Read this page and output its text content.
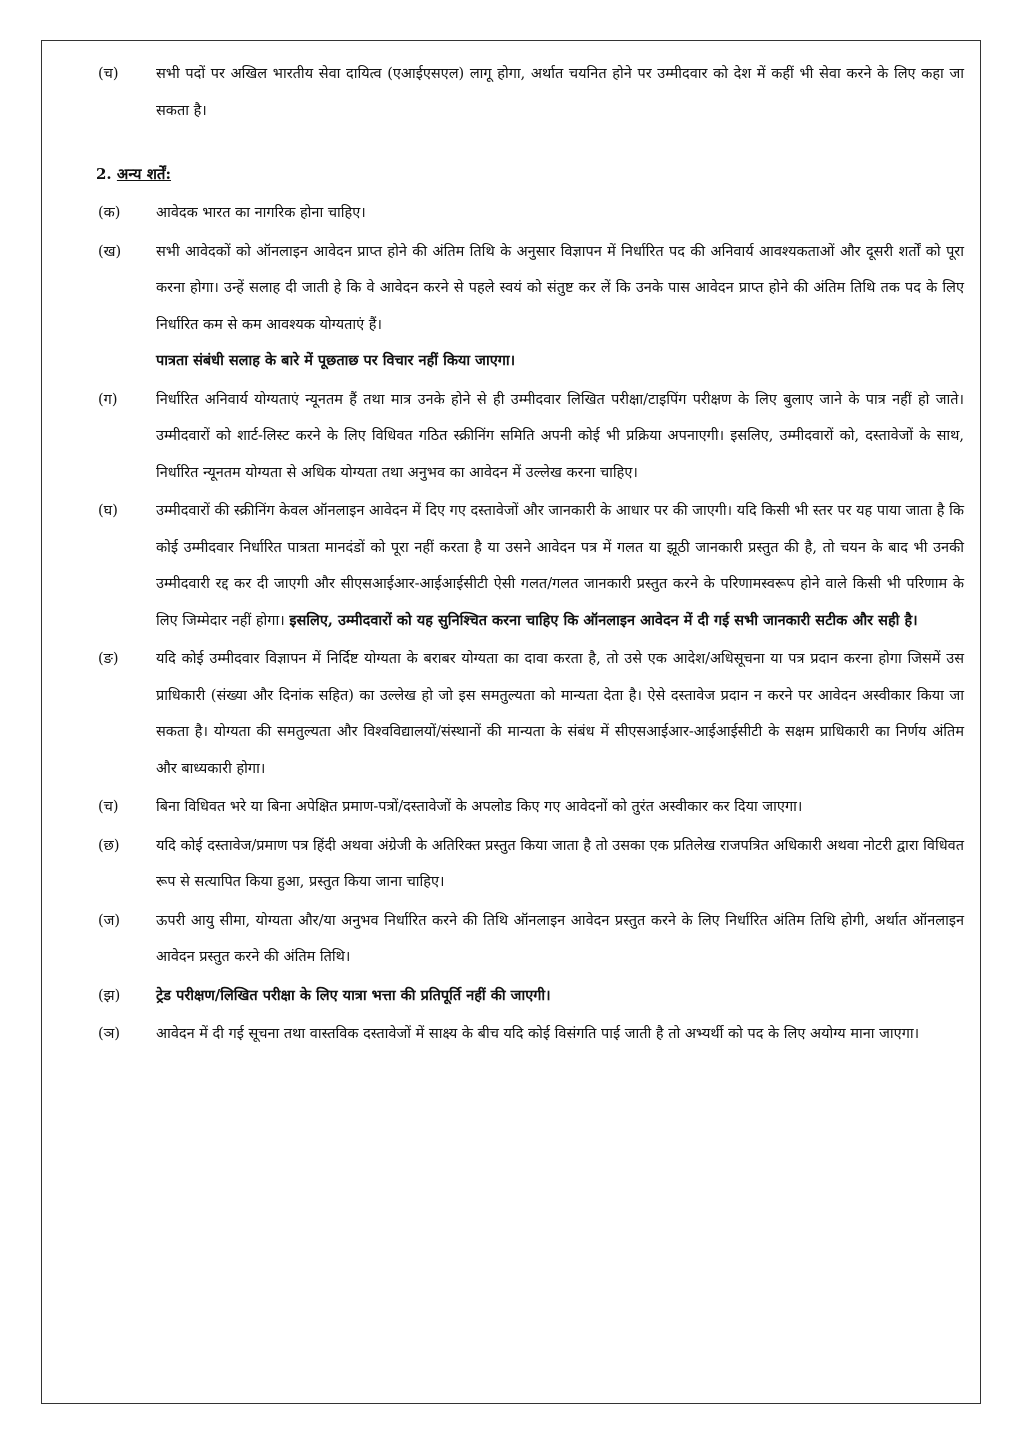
(च)	सभी पदों पर अखिल भारतीय सेवा दायित्व (एआईएसएल) लागू होगा, अर्थात चयनित होने पर उम्मीदवार को देश में कहीं भी सेवा करने के लिए कहा जा सकता है।
2. अन्य शर्तें:
(क)	आवेदक भारत का नागरिक होना चाहिए।
(ख)	सभी आवेदकों को ऑनलाइन आवेदन प्राप्त होने की अंतिम तिथि के अनुसार विज्ञापन में निर्धारित पद की अनिवार्य आवश्यकताओं और दूसरी शर्तों को पूरा करना होगा। उन्हें सलाह दी जाती हे कि वे आवेदन करने से पहले स्वयं को संतुष्ट कर लें कि उनके पास आवेदन प्राप्त होने की अंतिम तिथि तक पद के लिए निर्धारित कम से कम आवश्यक योग्यताएं हैं।
पात्रता संबंधी सलाह के बारे में पूछताछ पर विचार नहीं किया जाएगा।
(ग)	निर्धारित अनिवार्य योग्यताएं न्यूनतम हैं तथा मात्र उनके होने से ही उम्मीदवार लिखित परीक्षा/टाइपिंग परीक्षण के लिए बुलाए जाने के पात्र नहीं हो जाते। उम्मीदवारों को शार्ट-लिस्ट करने के लिए विधिवत गठित स्क्रीनिंग समिति अपनी कोई भी प्रक्रिया अपनाएगी। इसलिए, उम्मीदवारों को, दस्तावेजों के साथ, निर्धारित न्यूनतम योग्यता से अधिक योग्यता तथा अनुभव का आवेदन में उल्लेख करना चाहिए।
(घ)	उम्मीदवारों की स्क्रीनिंग केवल ऑनलाइन आवेदन में दिए गए दस्तावेजों और जानकारी के आधार पर की जाएगी। यदि किसी भी स्तर पर यह पाया जाता है कि कोई उम्मीदवार निर्धारित पात्रता मानदंडों को पूरा नहीं करता है या उसने आवेदन पत्र में गलत या झूठी जानकारी प्रस्तुत की है, तो चयन के बाद भी उनकी उम्मीदवारी रद्द कर दी जाएगी और सीएसआईआर-आईआईसीटी ऐसी गलत/गलत जानकारी प्रस्तुत करने के परिणामस्वरूप होने वाले किसी भी परिणाम के लिए जिम्मेदार नहीं होगा। इसलिए, उम्मीदवारों को यह सुनिश्चित करना चाहिए कि ऑनलाइन आवेदन में दी गई सभी जानकारी सटीक और सही है।
(ङ)	यदि कोई उम्मीदवार विज्ञापन में निर्दिष्ट योग्यता के बराबर योग्यता का दावा करता है, तो उसे एक आदेश/अधिसूचना या पत्र प्रदान करना होगा जिसमें उस प्राधिकारी (संख्या और दिनांक सहित) का उल्लेख हो जो इस समतुल्यता को मान्यता देता है। ऐसे दस्तावेज प्रदान न करने पर आवेदन अस्वीकार किया जा सकता है। योग्यता की समतुल्यता और विश्वविद्यालयों/संस्थानों की मान्यता के संबंध में सीएसआईआर-आईआईसीटी के सक्षम प्राधिकारी का निर्णय अंतिम और बाध्यकारी होगा।
(च)	बिना विधिवत भरे या बिना अपेक्षित प्रमाण-पत्रों/दस्तावेजों के अपलोड किए गए आवेदनों को तुरंत अस्वीकार कर दिया जाएगा।
(छ)	यदि कोई दस्तावेज/प्रमाण पत्र हिंदी अथवा अंग्रेजी के अतिरिक्त प्रस्तुत किया जाता है तो उसका एक प्रतिलेख राजपत्रित अधिकारी अथवा नोटरी द्वारा विधिवत रूप से सत्यापित किया हुआ, प्रस्तुत किया जाना चाहिए।
(ज)	ऊपरी आयु सीमा, योग्यता और/या अनुभव निर्धारित करने की तिथि ऑनलाइन आवेदन प्रस्तुत करने के लिए निर्धारित अंतिम तिथि होगी, अर्थात ऑनलाइन आवेदन प्रस्तुत करने की अंतिम तिथि।
(झ)	ट्रेड परीक्षण/लिखित परीक्षा के लिए यात्रा भत्ता की प्रतिपूर्ति नहीं की जाएगी।
(ञ)	आवेदन में दी गई सूचना तथा वास्तविक दस्तावेजों में साक्ष्य के बीच यदि कोई विसंगति पाई जाती है तो अभ्यर्थी को पद के लिए अयोग्य माना जाएगा।
